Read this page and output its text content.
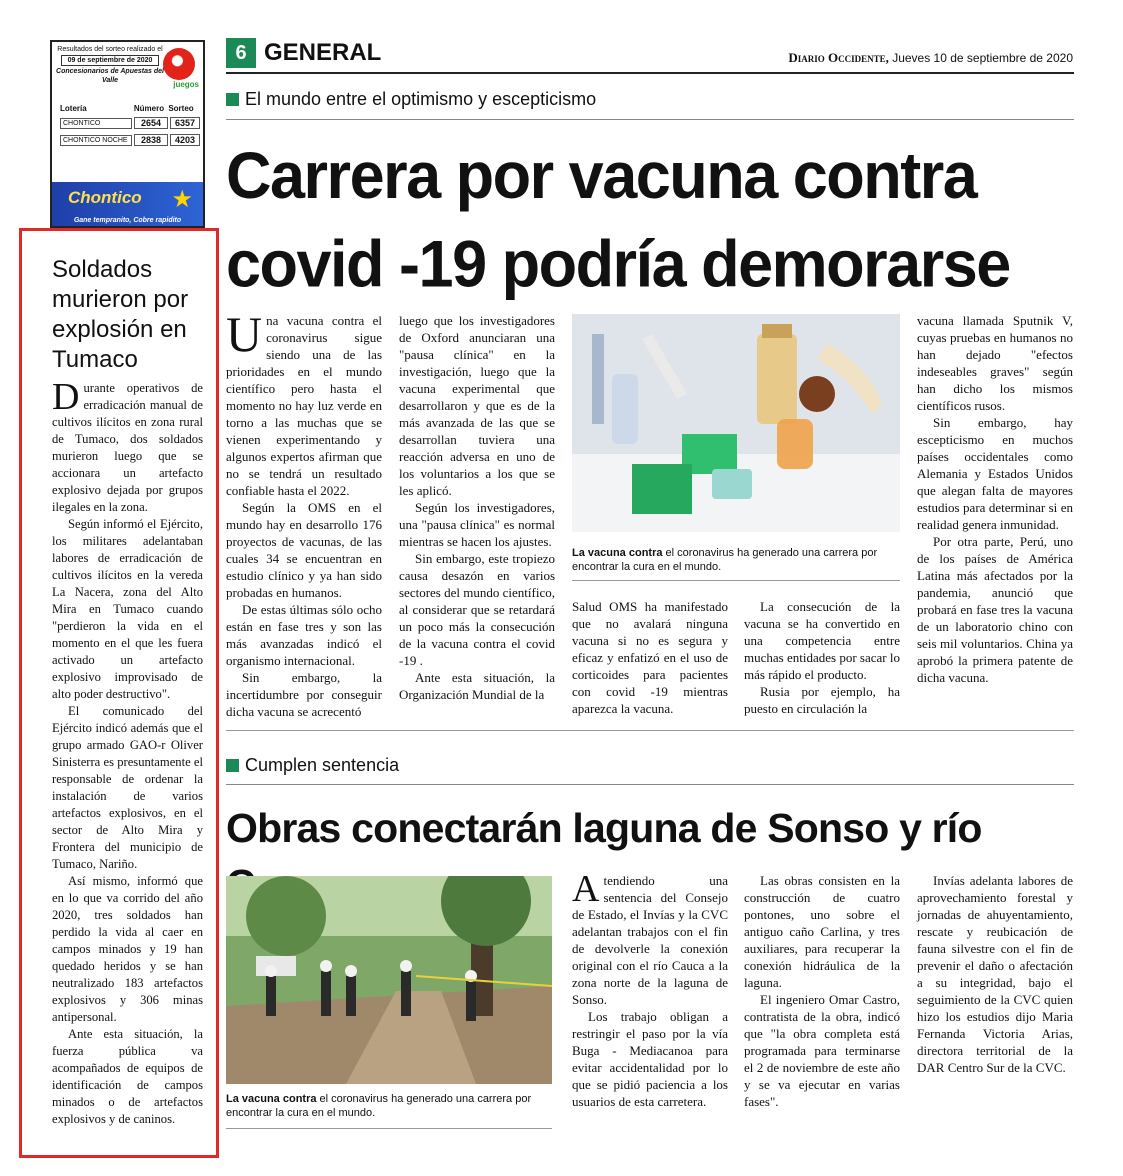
Resultados del sorteo realizado el
09 de septiembre de 2020
Concesionarios de Apuestas del Valle	juegos
Lotería	Número Sorteo
CHONTICO	2654	6357
CHONTICO NOCHE	2838	4203
Chontico ★
Gane tempranito, Cobre rapidito
6 GENERAL	Diario Occidente, Jueves 10 de septiembre de 2020
El mundo entre el optimismo y escepticismo
Carrera por vacuna contra covid -19 podría demorarse

Una vacuna contra el coronavirus sigue siendo una de las prioridades en el mundo científico pero hasta el momento no hay luz verde en torno a las muchas que se vienen experimentando y algunos expertos afirman que no se tendrá un resultado confiable hasta el 2022.

Según la OMS en el mundo hay en desarrollo 176 proyectos de vacunas, de las cuales 34 se encuentran en estudio clínico y ya han sido probadas en humanos.

De estas últimas sólo ocho están en fase tres y son las más avanzadas indicó el organismo internacional.

Sin embargo, la incertidumbre por conseguir dicha vacuna se acrecentó

luego que los investigadores de Oxford anunciaran una "pausa clínica" en la investigación, luego que la vacuna experimental que desarrollaron y que es de la más avanzada de las que se desarrollan tuviera una reacción adversa en uno de los voluntarios a los que se les aplicó.

Según los investigadores, una "pausa clínica" es normal mientras se hacen los ajustes.

Sin embargo, este tropiezo causa desazón en varios sectores del mundo científico, al considerar que se retardará un poco más la consecución de la vacuna contra el covid -19 .

Ante esta situación, la Organización Mundial de la

La vacuna contra el coronavirus ha generado una carrera por encontrar la cura en el mundo.

Salud OMS ha manifestado que no avalará ninguna vacuna si no es segura y eficaz y enfatizó en el uso de corticoides para pacientes con covid -19 mientras aparezca la vacuna.

La consecución de la vacuna se ha convertido en una competencia entre muchas entidades por sacar lo más rápido el producto.

Rusia por ejemplo, ha puesto en circulación la

vacuna llamada Sputnik V, cuyas pruebas en humanos no han dejado "efectos indeseables graves" según han dicho los mismos científicos rusos.

Sin embargo, hay escepticismo en muchos países occidentales como Alemania y Estados Unidos que alegan falta de mayores estudios para determinar si en realidad genera inmunidad.

Por otra parte, Perú, uno de los países de América Latina más afectados por la pandemia, anunció que probará en fase tres la vacuna de un laboratorio chino con seis mil voluntarios. China ya aprobó la primera patente de dicha vacuna.

Cumplen sentencia
Obras conectarán laguna de Sonso y río
La vacuna contra el coronavirus ha generado una carrera por encontrar la cura en el mundo.

Atendiendo una sentencia del Consejo de Estado, el Invías y la CVC adelantan trabajos con el fin de devolverle la conexión original con el río Cauca a la zona norte de la laguna de Sonso.

Los trabajo obligan a restringir el paso por la vía Buga - Mediacanoa para evitar accidentalidad por lo que se pidió paciencia a los usuarios de esta carretera.

Las obras consisten en la construcción de cuatro pontones, uno sobre el antiguo caño Carlina, y tres auxiliares, para recuperar la conexión hidráulica de la laguna.

El ingeniero Omar Castro, contratista de la obra, indicó que "la obra completa está programada para terminarse el 2 de noviembre de este año y se va ejecutar en varias fases".

Invías adelanta labores de aprovechamiento forestal y jornadas de ahuyentamiento, rescate y reubicación de fauna silvestre con el fin de prevenir el daño o afectación a su integridad, bajo el seguimiento de la CVC quien hizo los estudios dijo Maria Fernanda Victoria Arias, directora territorial de la DAR Centro Sur de la CVC.

Soldados murieron por explosión en Tumaco

Durante operativos de erradicación manual de cultivos ilícitos en zona rural de Tumaco, dos soldados murieron luego que se accionara un artefacto explosivo dejada por grupos ilegales en la zona.

Según informó el Ejército, los militares adelantaban labores de erradicación de cultivos ilícitos en la vereda La Nacera, zona del Alto Mira en Tumaco cuando "perdieron la vida en el momento en el que les fuera activado un artefacto explosivo improvisado de alto poder destructivo".

El comunicado del Ejército indicó además que el grupo armado GAO-r Oliver Sinisterra es presuntamente el responsable de ordenar la instalación de varios artefactos explosivos, en el sector de Alto Mira y Frontera del municipio de Tumaco, Nariño.

Así mismo, informó que en lo que va corrido del año 2020, tres soldados han perdido la vida al caer en campos minados y 19 han quedado heridos y se han neutralizado 183 artefactos explosivos y 306 minas antipersonal.

Ante esta situación, la fuerza pública va acompañados de equipos de identificación de campos minados o de artefactos explosivos y de caninos.
